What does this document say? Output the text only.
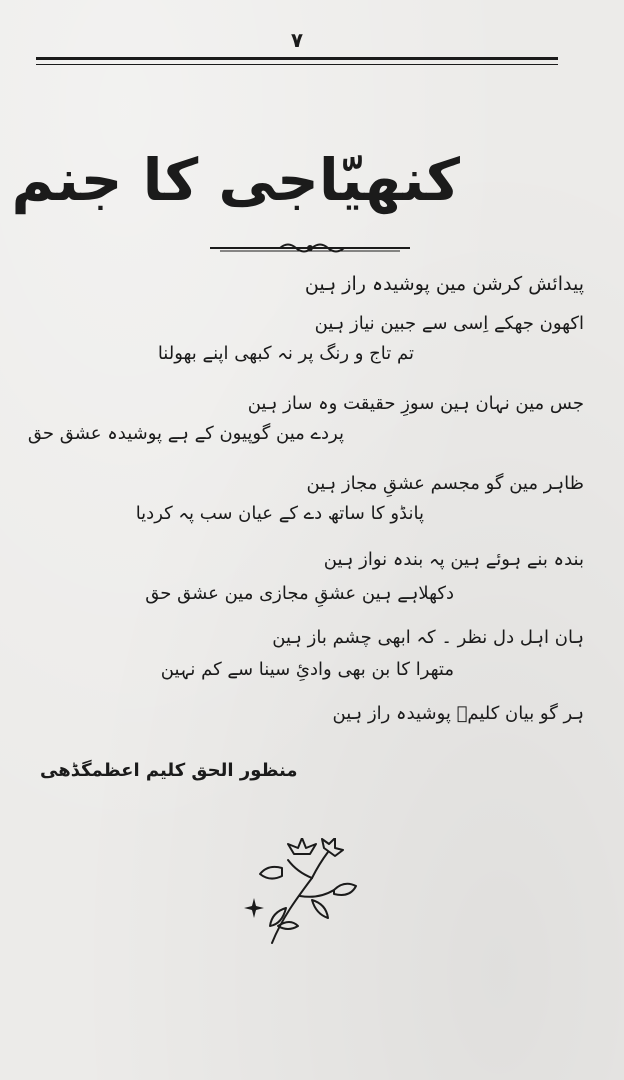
۷
کنھیّاجی کا جنم
پیدائش کرشن مین پوشیدہ راز ہین
اکھون جھکے اِسی سے جبین نیاز ہین
تم تاج و رنگ پر نہ کبھی اپنے بھولنا
جس مین نہان ہین سوزِ حقیقت وہ ساز ہین
پردے مین گوپیون کے ہے پوشیدہ عشق حق
ظاہر مین گو مجسم عشقِ مجاز ہین
پانڈو کا ساتھ دے کے عیان سب پہ کردیا
بندہ بنے ہوئے ہین پہ بندہ نواز ہین
دکھلاہے ہین عشقِ مجازی مین عشق حق
ہان اہل دل نظر ۔ کہ ابھی چشم باز ہین
متھرا کا بن بھی وادیِٔ سینا سے کم نہین
ہر گو بیان کلیمؔ پوشیدہ راز ہین
منظور الحق کلیم اعظمگڈھی
